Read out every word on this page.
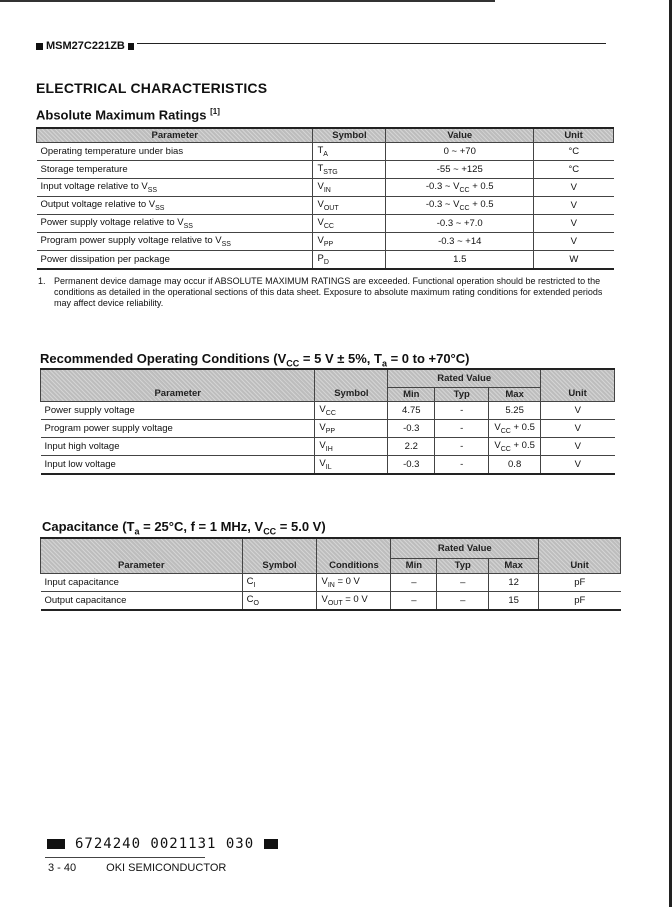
MSM27C221ZB
ELECTRICAL CHARACTERISTICS
Absolute Maximum Ratings [1]
Parameter	Symbol	Value	Unit
Operating temperature under bias	$T_A$	0 ~ +70	°C
Storage temperature	$T_{STG}$	-55 ~ +125	°C
Input voltage relative to $V_{SS}$	$V_{IN}$	-0.3 ~ $V_{CC} + 0.5$	V
Output voltage relative to $V_{SS}$	$V_{OUT}$	-0.3 ~ $V_{CC} + 0.5$	V
Power supply voltage relative to $V_{SS}$	$V_{CC}$	-0.3 ~ +7.0	V
Program power supply voltage relative to $V_{SS}$	$V_{PP}$	-0.3 ~ +14	V
Power dissipation per package	$P_D$	1.5	W
1. Permanent device damage may occur if ABSOLUTE MAXIMUM RATINGS are exceeded. Functional operation should be restricted to the conditions as detailed in the operational sections of this data sheet. Exposure to absolute maximum rating conditions for extended periods may affect device reliability.
Recommended Operating Conditions ($V_{CC} = 5$ V ± 5%, $T_a = 0$ to +70°C)
Parameter	Symbol	Rated Value			Unit
		Min	Typ	Max	
Power supply voltage	$V_{CC}$	4.75	-	5.25	V
Program power supply voltage	$V_{PP}$	-0.3	-	$V_{CC} + 0.5$	V
Input high voltage	$V_{IH}$	2.2	-	$V_{CC} + 0.5$	V
Input low voltage	$V_{IL}$	-0.3	-	0.8	V
Capacitance ($T_a = 25^\circ C$, f = 1 MHz, $V_{CC} = 5.0$ V)
Parameter	Symbol	Conditions	Rated Value			Unit
			Min	Typ	Max	
Input capacitance	$C_I$	$V_{IN} = 0$ V	–	–	12	pF
Output capacitance	$C_O$	$V_{OUT} = 0$ V	–	–	15	pF
6724240 0021131 030
3 - 40	OKI SEMICONDUCTOR
